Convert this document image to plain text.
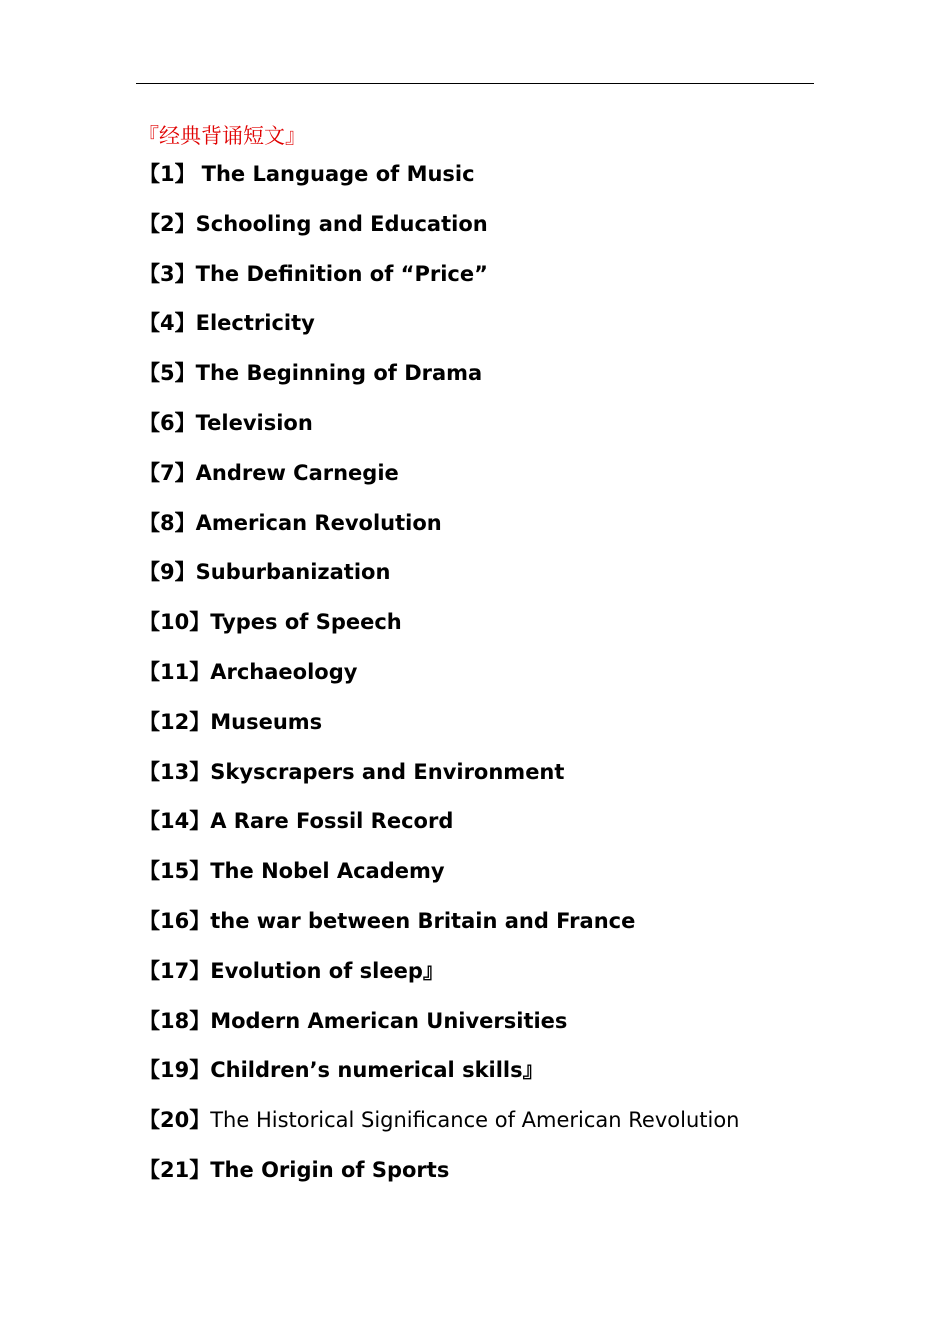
『经典背诵短文』
【1】 The Language of Music
【2】Schooling and Education
【3】The Definition of “Price”
【4】Electricity
【5】The Beginning of Drama
【6】Television
【7】Andrew Carnegie
【8】American Revolution
【9】Suburbanization
【10】Types of Speech
【11】Archaeology
【12】Museums
【13】Skyscrapers and Environment
【14】A Rare Fossil Record
【15】The Nobel Academy
【16】the war between Britain and France
【17】Evolution of sleep』
【18】Modern American Universities
【19】Children’s numerical skills』
【20】The Historical Significance of American Revolution
【21】The Origin of Sports
